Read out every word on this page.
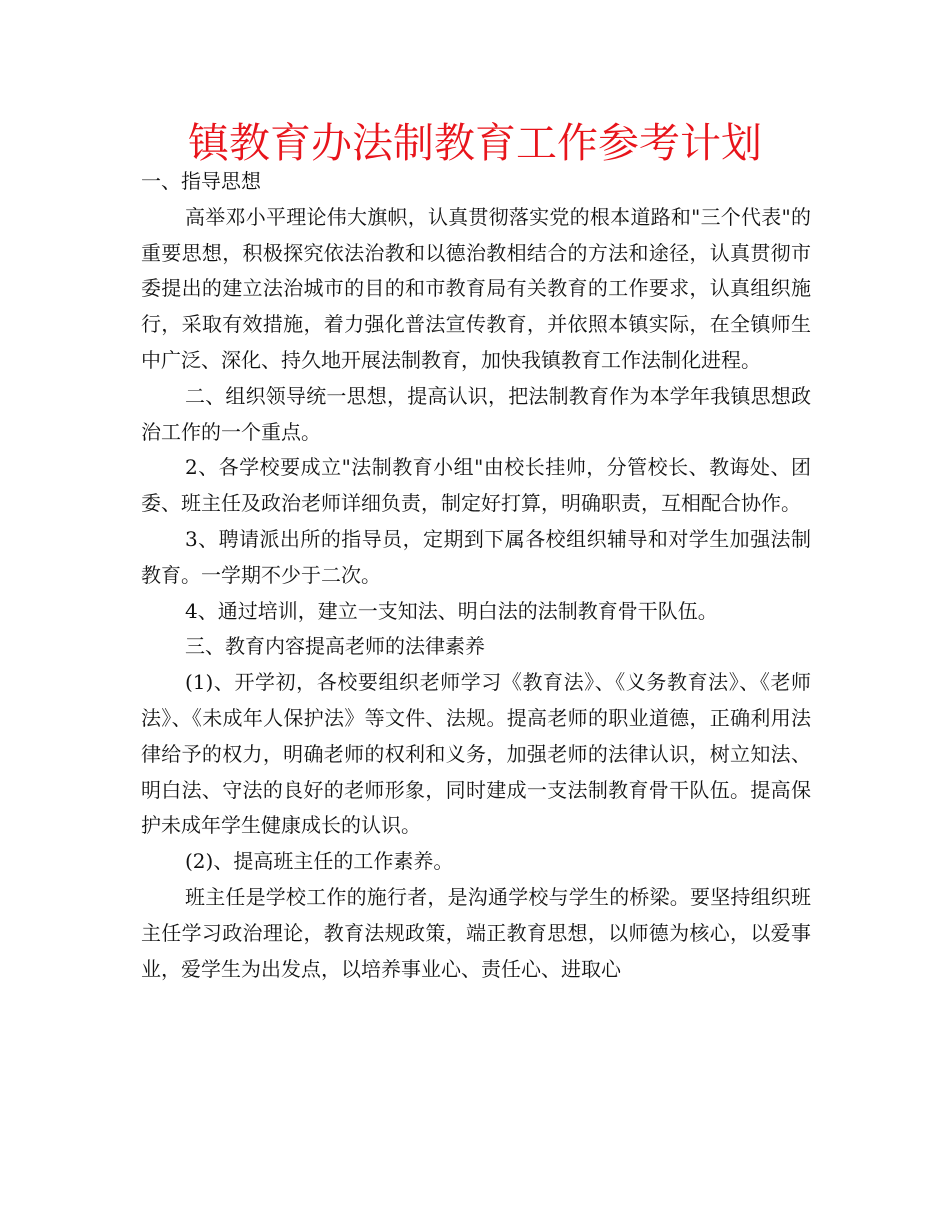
镇教育办法制教育工作参考计划

一、指导思想

高举邓小平理论伟大旗帜，认真贯彻落实党的根本道路和"三个代表"的重要思想，积极探究依法治教和以德治教相结合的方法和途径，认真贯彻市委提出的建立法治城市的目的和市教育局有关教育的工作要求，认真组织施行，采取有效措施，着力强化普法宣传教育，并依照本镇实际，在全镇师生中广泛、深化、持久地开展法制教育，加快我镇教育工作法制化进程。

二、组织领导统一思想，提高认识，把法制教育作为本学年我镇思想政治工作的一个重点。

2、各学校要成立"法制教育小组"由校长挂帅，分管校长、教诲处、团委、班主任及政治老师详细负责，制定好打算，明确职责，互相配合协作。

3、聘请派出所的指导员，定期到下属各校组织辅导和对学生加强法制教育。一学期不少于二次。

4、通过培训，建立一支知法、明白法的法制教育骨干队伍。

三、教育内容提高老师的法律素养

(1)、开学初，各校要组织老师学习《教育法》、《义务教育法》、《老师法》、《未成年人保护法》等文件、法规。提高老师的职业道德，正确利用法律给予的权力，明确老师的权利和义务，加强老师的法律认识，树立知法、明白法、守法的良好的老师形象，同时建成一支法制教育骨干队伍。提高保护未成年学生健康成长的认识。

(2)、提高班主任的工作素养。

班主任是学校工作的施行者，是沟通学校与学生的桥梁。要坚持组织班主任学习政治理论，教育法规政策，端正教育思想，以师德为核心，以爱事业，爱学生为出发点，以培养事业心、责任心、进取心
